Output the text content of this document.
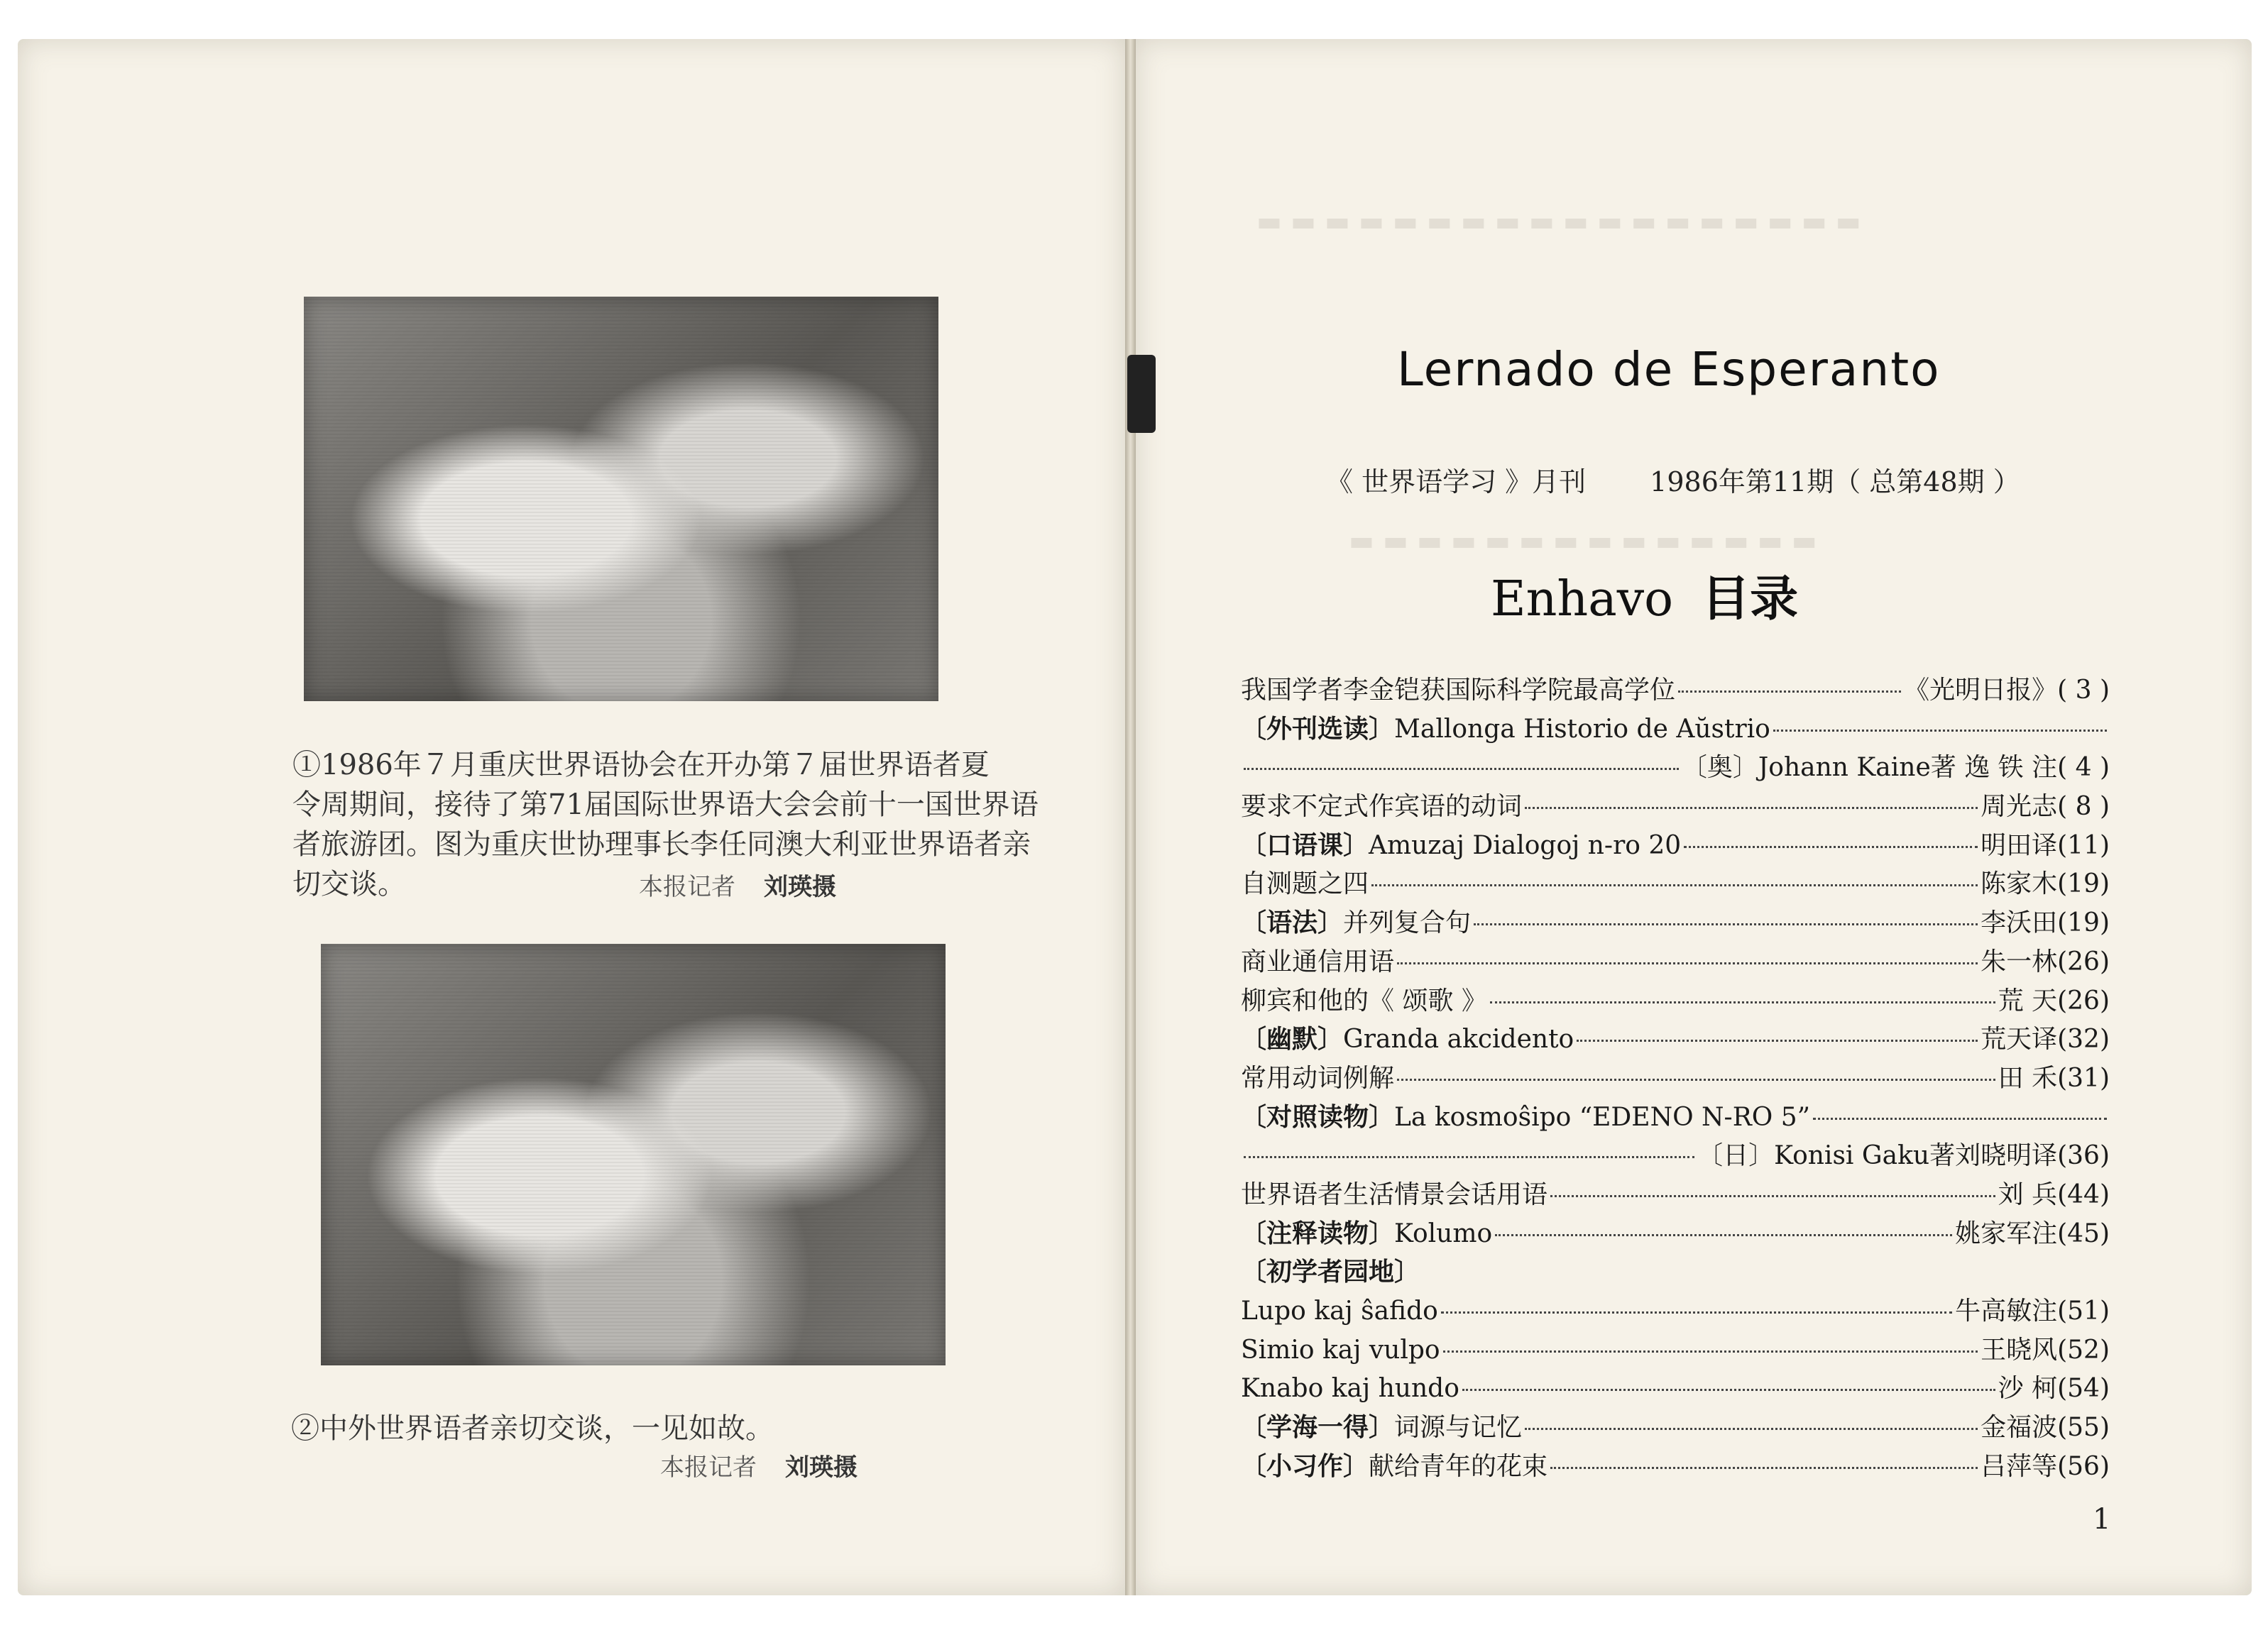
①1986年７月重庆世界语协会在开办第７届世界语者夏
令周期间，接待了第71届国际世界语大会会前十一国世界语
者旅游团。图为重庆世协理事长李任同澳大利亚世界语者亲
切交谈。	本报记者 刘瑛摄
②中外世界语者亲切交谈，一见如故。
本报记者 刘瑛摄
▬ ▬ ▬ ▬ ▬ ▬ ▬ ▬ ▬ ▬ ▬ ▬ ▬ ▬ ▬ ▬ ▬ ▬
▬ ▬ ▬ ▬ ▬ ▬ ▬ ▬ ▬ ▬ ▬ ▬ ▬ ▬
Lernado de Esperanto
《 世界语学习 》月刊 1986年第11期（ 总第48期 ）
Enhavo 目录
我国学者李金铠获国际科学院最高学位	《光明日报》( 3 )
〔外刊选读〕 Mallonga Historio de Aŭstrio
〔奥〕Johann Kaine著 逸 铁 注( 4 )
要求不定式作宾语的动词	周光志( 8 )
〔口语课〕 Amuzaj Dialogoj n-ro 20	明田译(11)
自测题之四	陈家木(19)
〔语法〕 并列复合句	李沃田(19)
商业通信用语	朱一林(26)
柳宾和他的《 颂歌 》	荒 天(26)
〔幽默〕 Granda akcidento	荒天译(32)
常用动词例解	田 禾(31)
〔对照读物〕 La kosmoŝipo “EDENO N-RO 5”
〔日〕Konisi Gaku著刘晓明译(36)
世界语者生活情景会话用语	刘 兵(44)
〔注释读物〕 Kolumo	姚家军注(45)
〔初学者园地〕
Lupo kaj ŝafido	牛高敏注(51)
Simio kaj vulpo	王晓风(52)
Knabo kaj hundo	沙 柯(54)
〔学海一得〕 词源与记忆	金福波(55)
〔小习作〕 献给青年的花束	吕萍等(56)
1
